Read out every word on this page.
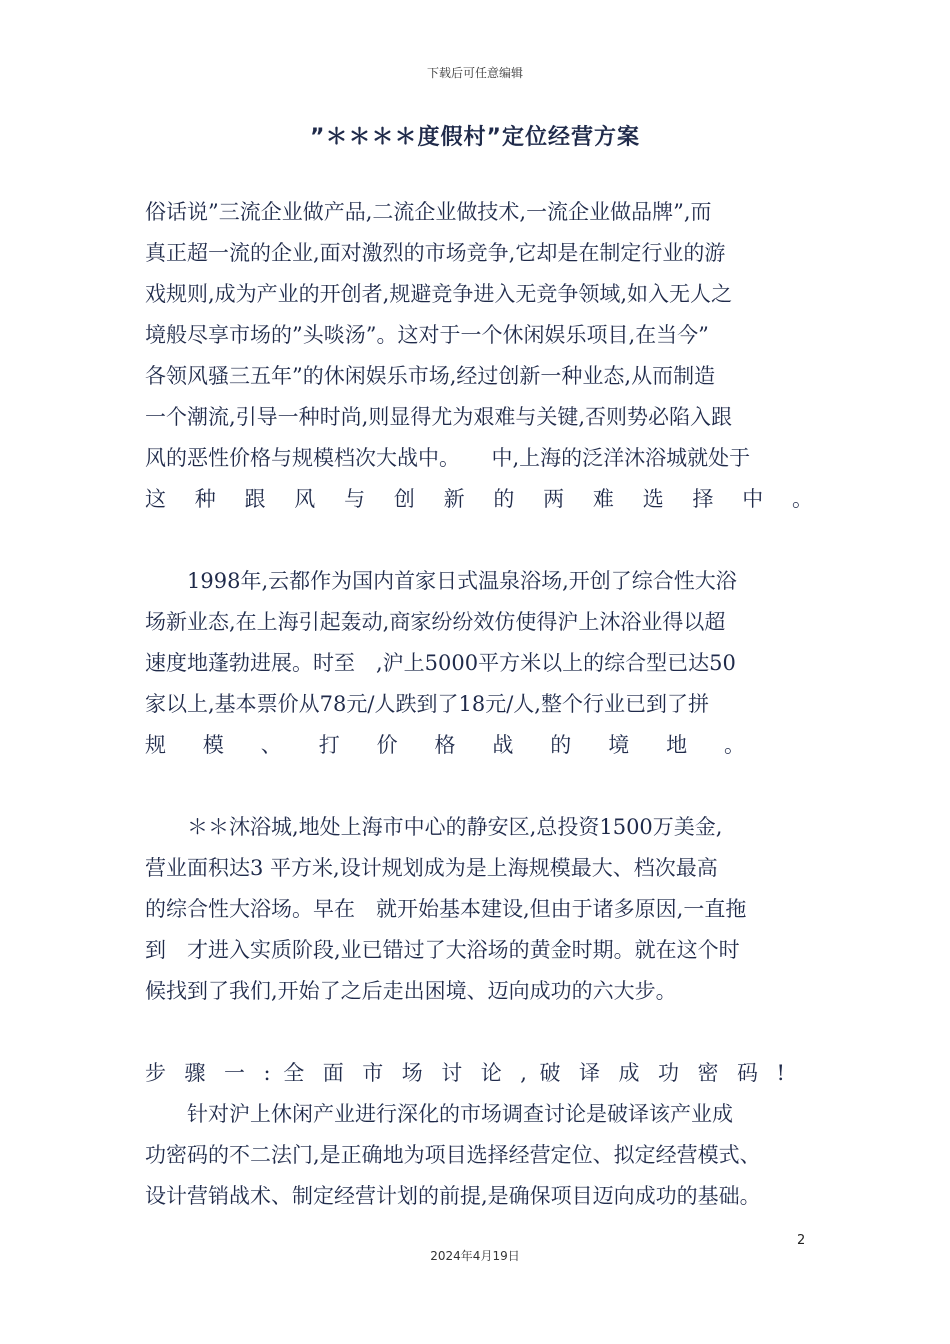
下载后可任意编辑
”＊＊＊＊度假村”定位经营方案
俗话说”三流企业做产品,二流企业做技术,一流企业做品牌”,而
真正超一流的企业,面对激烈的市场竞争,它却是在制定行业的游
戏规则,成为产业的开创者,规避竞争进入无竞争领域,如入无人之
境般尽享市场的”头啖汤”。这对于一个休闲娱乐项目,在当今”
各领风骚三五年”的休闲娱乐市场,经过创新一种业态,从而制造
一个潮流,引导一种时尚,则显得尤为艰难与关键,否则势必陷入跟
风的恶性价格与规模档次大战中。　　中,上海的泛洋沐浴城就处于
这 种 跟 风 与 创 新 的 两 难 选 择 中 。
1998年,云都作为国内首家日式温泉浴场,开创了综合性大浴
场新业态,在上海引起轰动,商家纷纷效仿使得沪上沐浴业得以超
速度地蓬勃进展。时至　,沪上5000平方米以上的综合型已达50
家以上,基本票价从78元/人跌到了18元/人,整个行业已到了拼
规 模 、 打 价 格 战 的 境 地 。
＊＊沐浴城,地处上海市中心的静安区,总投资1500万美金,
营业面积达3 平方米,设计规划成为是上海规模最大、档次最高
的综合性大浴场。早在　就开始基本建设,但由于诸多原因,一直拖
到　才进入实质阶段,业已错过了大浴场的黄金时期。就在这个时
候找到了我们,开始了之后走出困境、迈向成功的六大步。
步 骤 一 : 全 面 市 场 讨 论 , 破 译 成 功 密 码 !
针对沪上休闲产业进行深化的市场调查讨论是破译该产业成
功密码的不二法门,是正确地为项目选择经营定位、拟定经营模式、
设计营销战术、制定经营计划的前提,是确保项目迈向成功的基础。
2
2024年4月19日
